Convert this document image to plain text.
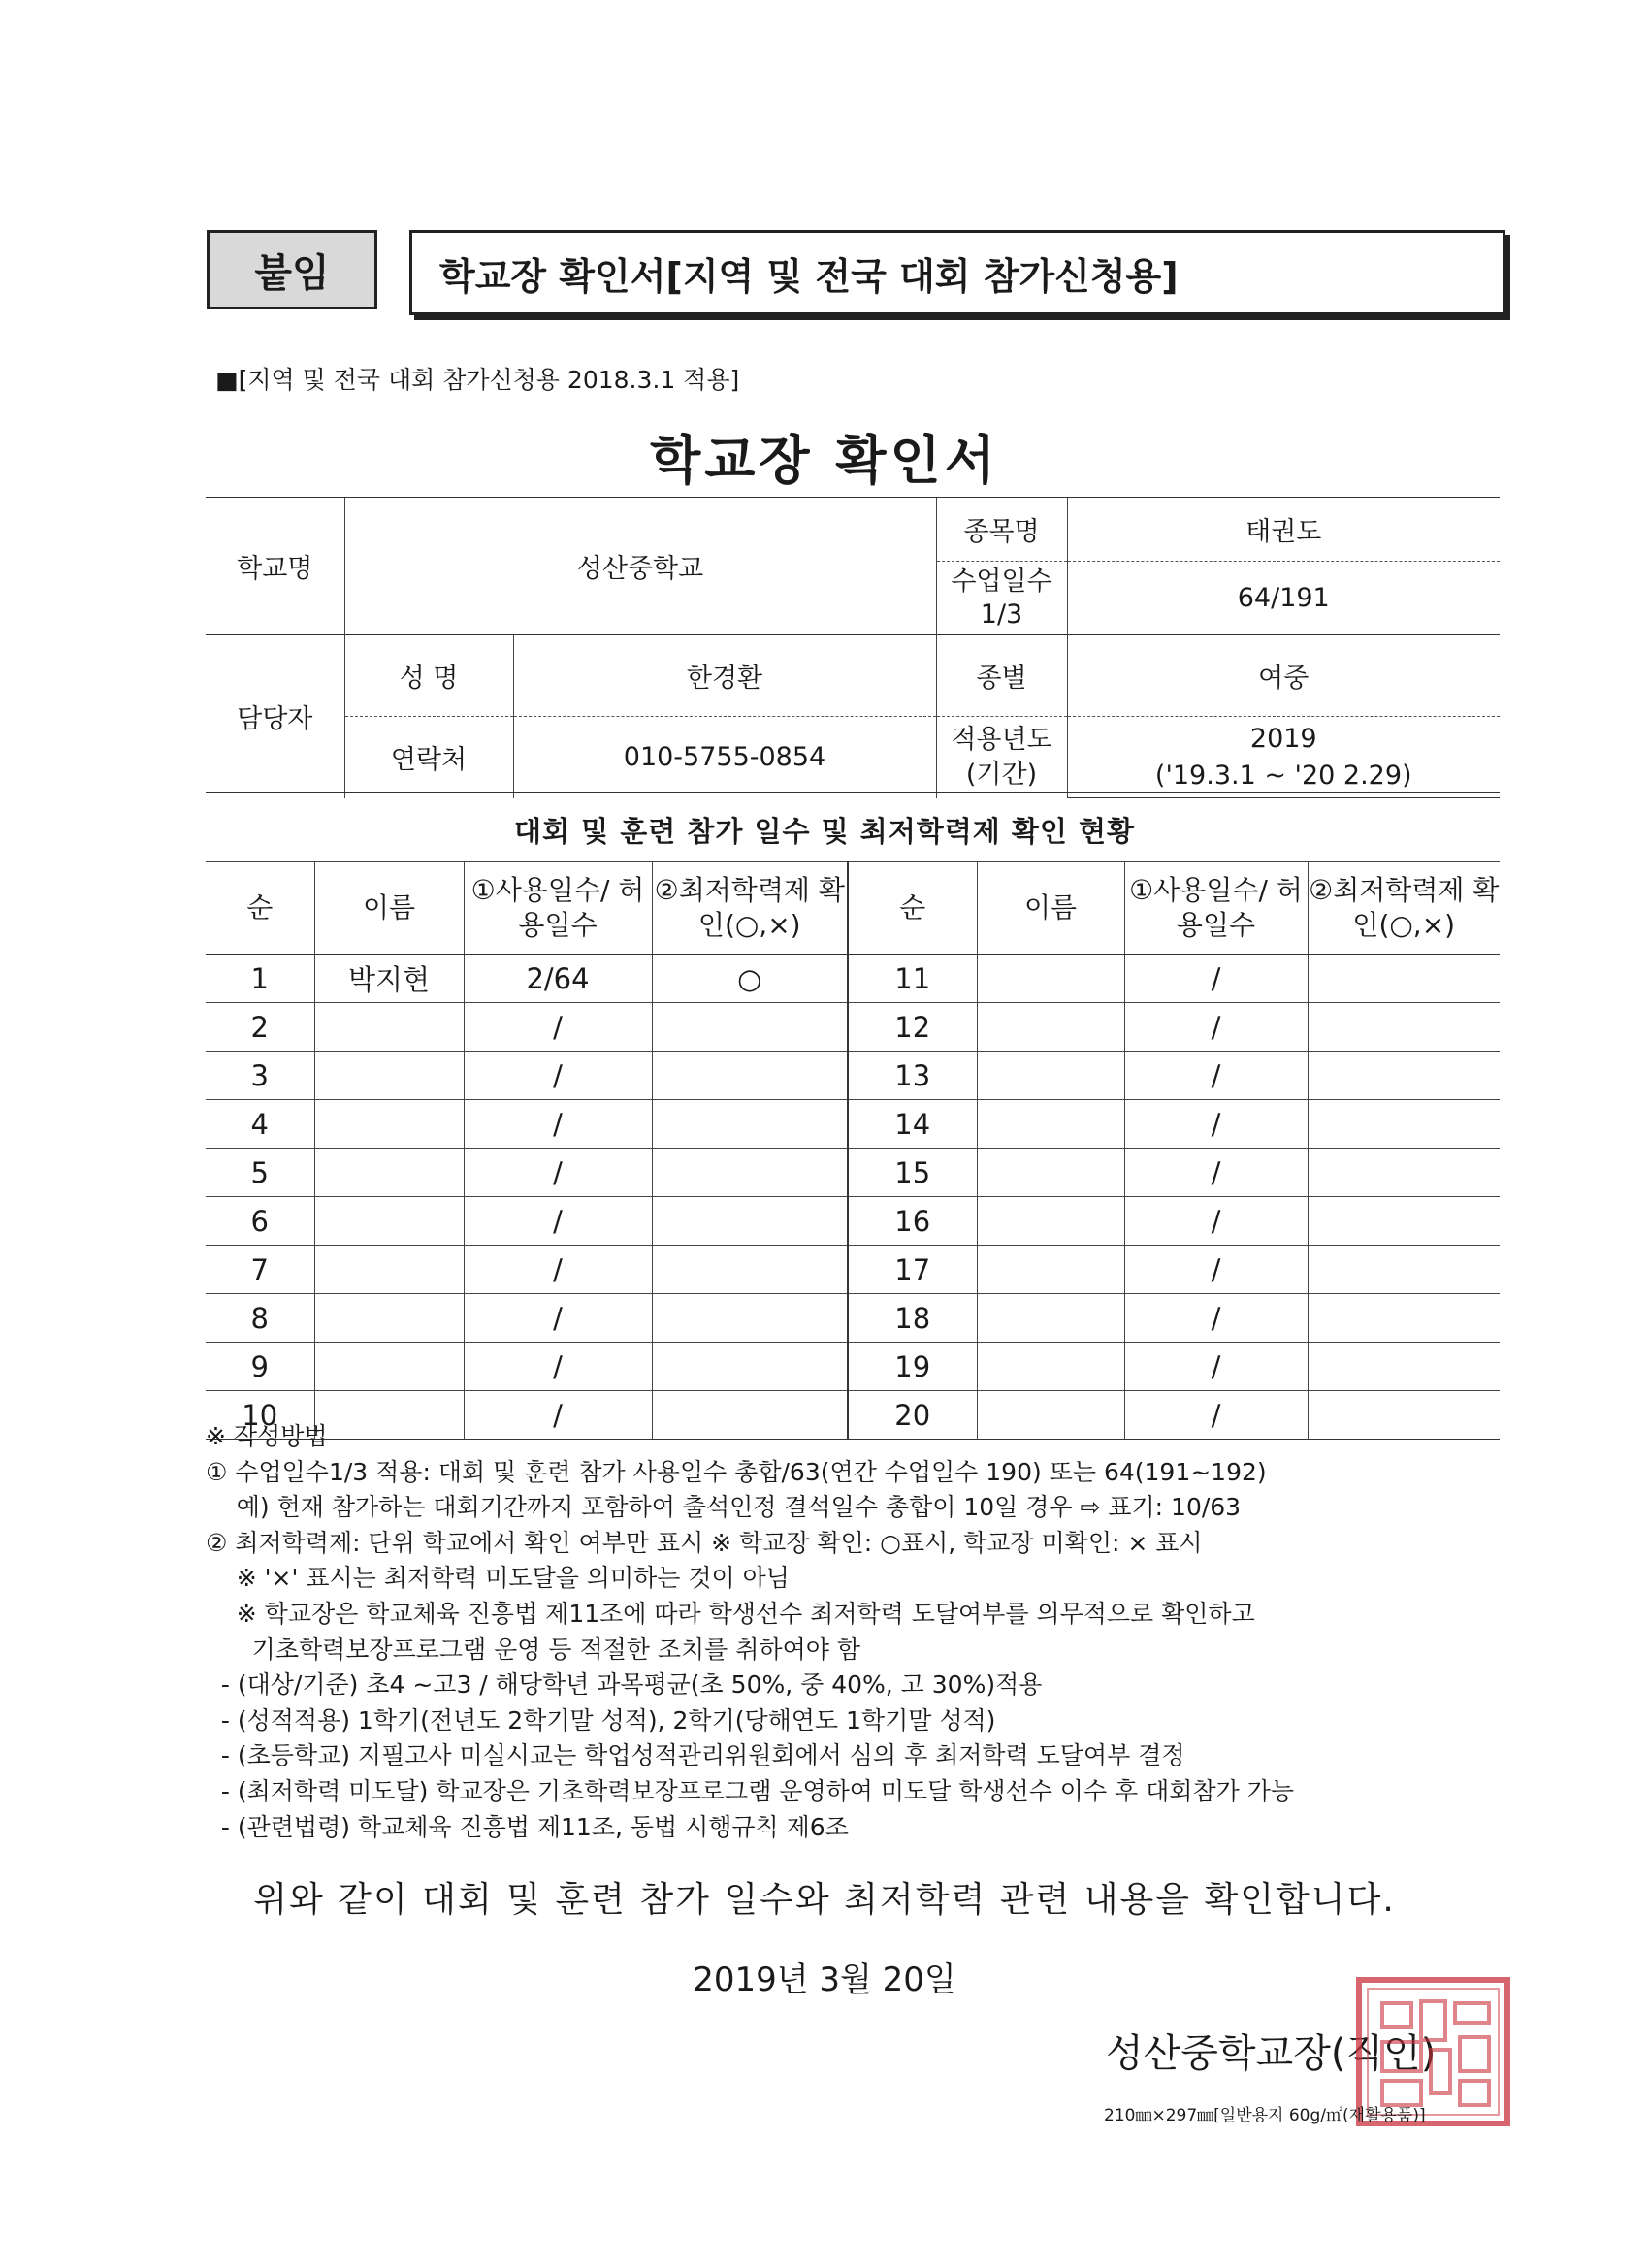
붙임	학교장 확인서[지역 및 전국 대회 참가신청용]
■[지역 및 전국 대회 참가신청용 2018.3.1 적용]
학교장 확인서
학교명	성산중학교		종목명	태권도
			수업일수 1/3	64/191
담당자	성 명	한경환	종별	여중
	연락처	010-5755-0854	적용년도 (기간)	2019
('19.3.1 ~ '20 2.29)
대회 및 훈련 참가 일수 및 최저학력제 확인 현황
순	이름	①사용일수/ 허용일수	②최저학력제 확인(○,×)	순	이름	①사용일수/ 허용일수	②최저학력제 확인(○,×)
1	박지현	2/64	○	11		/	
2		/		12		/	
3		/		13		/	
4		/		14		/	
5		/		15		/	
6		/		16		/	
7		/		17		/	
8		/		18		/	
9		/		19		/	
10		/		20		/	
※ 작성방법
① 수업일수1/3 적용: 대회 및 훈련 참가 사용일수 총합/63(연간 수업일수 190) 또는 64(191~192)
예) 현재 참가하는 대회기간까지 포함하여 출석인정 결석일수 총합이 10일 경우 ⇨ 표기: 10/63
② 최저학력제: 단위 학교에서 확인 여부만 표시 ※ 학교장 확인: ○표시, 학교장 미확인: × 표시
※ '×' 표시는 최저학력 미도달을 의미하는 것이 아님
※ 학교장은 학교체육 진흥법 제11조에 따라 학생선수 최저학력 도달여부를 의무적으로 확인하고
기초학력보장프로그램 운영 등 적절한 조치를 취하여야 함
- (대상/기준) 초4 ~고3 / 해당학년 과목평균(초 50%, 중 40%, 고 30%)적용
- (성적적용) 1학기(전년도 2학기말 성적), 2학기(당해연도 1학기말 성적)
- (초등학교) 지필고사 미실시교는 학업성적관리위원회에서 심의 후 최저학력 도달여부 결정
- (최저학력 미도달) 학교장은 기초학력보장프로그램 운영하여 미도달 학생선수 이수 후 대회참가 가능
- (관련법령) 학교체육 진흥법 제11조, 동법 시행규칙 제6조
위와 같이 대회 및 훈련 참가 일수와 최저학력 관련 내용을 확인합니다.
2019년 3월 20일
성산중학교장(직인)
210㎜×297㎜[일반용지 60g/㎡(재활용품)]
